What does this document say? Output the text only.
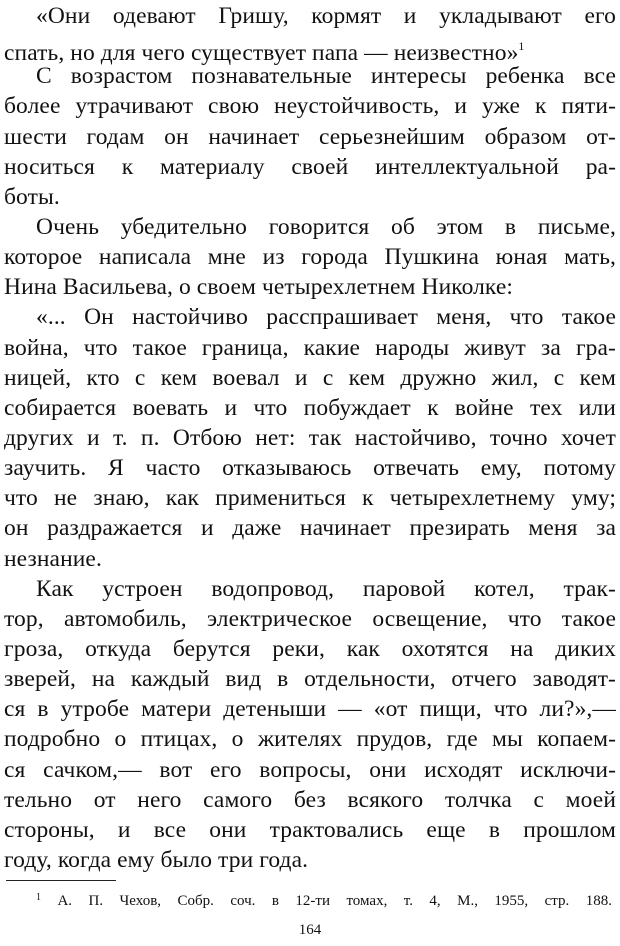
«Они одевают Гришу, кормят и укладывают его
спать, но для чего существует папа — неизвестно»$^1$
С возрастом познавательные интересы ребенка все
более утрачивают свою неустойчивость, и уже к пяти-
шести годам он начинает серьезнейшим образом от-
носиться к материалу своей интеллектуальной ра-
боты.
Очень убедительно говорится об этом в письме,
которое написала мне из города Пушкина юная мать,
Нина Васильева, о своем четырехлетнем Николке:
«... Он настойчиво расспрашивает меня, что такое
война, что такое граница, какие народы живут за гра-
ницей, кто с кем воевал и с кем дружно жил, с кем
собирается воевать и что побуждает к войне тех или
других и т. п. Отбою нет: так настойчиво, точно хочет
заучить. Я часто отказываюсь отвечать ему, потому
что не знаю, как примениться к четырехлетнему уму;
он раздражается и даже начинает презирать меня за
незнание.
Как устроен водопровод, паровой котел, трак-
тор, автомобиль, электрическое освещение, что такое
гроза, откуда берутся реки, как охотятся на диких
зверей, на каждый вид в отдельности, отчего заводят-
ся в утробе матери детеныши — «от пищи, что ли?»,—
подробно о птицах, о жителях прудов, где мы копаем-
ся сачком,— вот его вопросы, они исходят исключи-
тельно от него самого без всякого толчка с моей
стороны, и все они трактовались еще в прошлом
году, когда ему было три года.
$^1$ А. П. Чехов, Собр. соч. в 12-ти томах, т. 4, М., 1955, стр. 188.
164
